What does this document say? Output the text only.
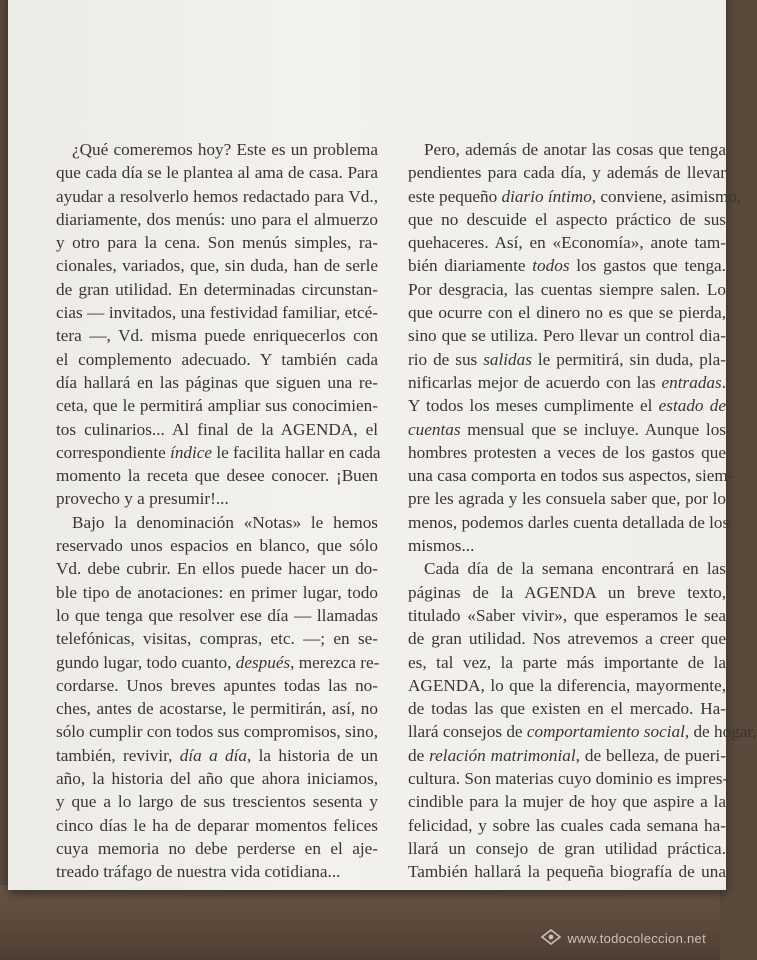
¿Qué comeremos hoy? Este es un problema
que cada día se le plantea al ama de casa. Para
ayudar a resolverlo hemos redactado para Vd.,
diariamente, dos menús: uno para el almuerzo
y otro para la cena. Son menús simples, ra-
cionales, variados, que, sin duda, han de serle
de gran utilidad. En determinadas circunstan-
cias — invitados, una festividad familiar, etcé-
tera —, Vd. misma puede enriquecerlos con
el complemento adecuado. Y también cada
día hallará en las páginas que siguen una re-
ceta, que le permitirá ampliar sus conocimien-
tos culinarios... Al final de la AGENDA, el
correspondiente índice le facilita hallar en cada
momento la receta que desee conocer. ¡Buen
provecho y a presumir!...
Bajo la denominación «Notas» le hemos
reservado unos espacios en blanco, que sólo
Vd. debe cubrir. En ellos puede hacer un do-
ble tipo de anotaciones: en primer lugar, todo
lo que tenga que resolver ese día — llamadas
telefónicas, visitas, compras, etc. —; en se-
gundo lugar, todo cuanto, después, merezca re-
cordarse. Unos breves apuntes todas las no-
ches, antes de acostarse, le permitirán, así, no
sólo cumplir con todos sus compromisos, sino,
también, revivir, día a día, la historia de un
año, la historia del año que ahora iniciamos,
y que a lo largo de sus trescientos sesenta y
cinco días le ha de deparar momentos felices
cuya memoria no debe perderse en el aje-
treado tráfago de nuestra vida cotidiana...
Pero, además de anotar las cosas que tenga
pendientes para cada día, y además de llevar
este pequeño diario íntimo, conviene, asimismo,
que no descuide el aspecto práctico de sus
quehaceres. Así, en «Economía», anote tam-
bién diariamente todos los gastos que tenga.
Por desgracia, las cuentas siempre salen. Lo
que ocurre con el dinero no es que se pierda,
sino que se utiliza. Pero llevar un control dia-
rio de sus salidas le permitirá, sin duda, pla-
nificarlas mejor de acuerdo con las entradas.
Y todos los meses cumplimente el estado de
cuentas mensual que se incluye. Aunque los
hombres protesten a veces de los gastos que
una casa comporta en todos sus aspectos, siem-
pre les agrada y les consuela saber que, por lo
menos, podemos darles cuenta detallada de los
mismos...
Cada día de la semana encontrará en las
páginas de la AGENDA un breve texto,
titulado «Saber vivir», que esperamos le sea
de gran utilidad. Nos atrevemos a creer que
es, tal vez, la parte más importante de la
AGENDA, lo que la diferencia, mayormente,
de todas las que existen en el mercado. Ha-
llará consejos de comportamiento social, de hogar,
de relación matrimonial, de belleza, de pueri-
cultura. Son materias cuyo dominio es impres-
cindible para la mujer de hoy que aspire a la
felicidad, y sobre las cuales cada semana ha-
llará un consejo de gran utilidad práctica.
También hallará la pequeña biografía de una
www.todocoleccion.net
